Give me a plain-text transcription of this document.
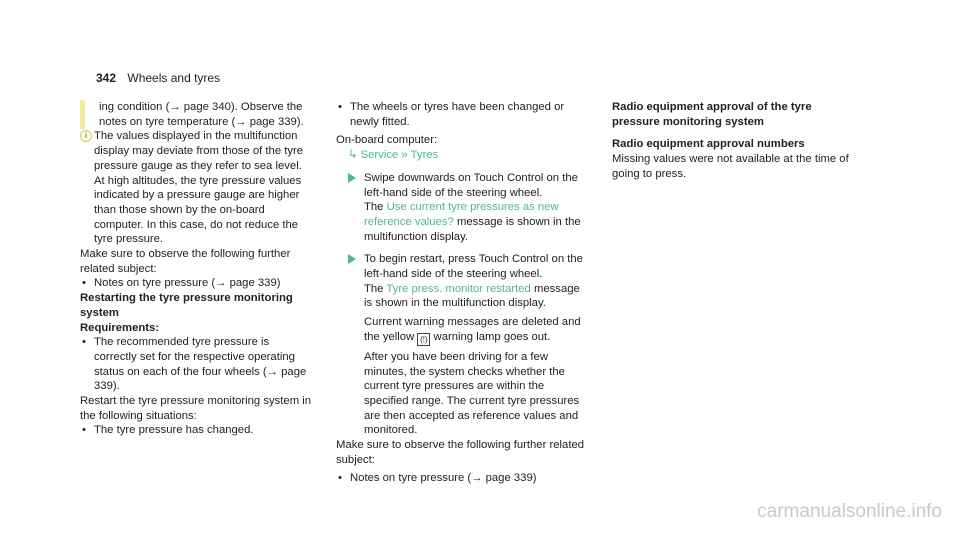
342 Wheels and tyres

ing condition (→ page 340). Observe the notes on tyre temperature (→ page 339).

i The values displayed in the multifunction display may deviate from those of the tyre pressure gauge as they refer to sea level. At high altitudes, the tyre pressure values indicated by a pressure gauge are higher than those shown by the on-board computer. In this case, do not reduce the tyre pressure.

Make sure to observe the following further related subject:

• Notes on tyre pressure (→ page 339)

Restarting the tyre pressure monitoring system

Requirements:

• The recommended tyre pressure is correctly set for the respective operating status on each of the four wheels (→ page 339).

Restart the tyre pressure monitoring system in the following situations:

• The tyre pressure has changed.

• The wheels or tyres have been changed or newly fitted.

On-board computer:

↳ Service » Tyres

Swipe downwards on Touch Control on the left-hand side of the steering wheel.

The Use current tyre pressures as new reference values? message is shown in the multifunction display.

To begin restart, press Touch Control on the left-hand side of the steering wheel.

The Tyre press. monitor restarted message is shown in the multifunction display.

Current warning messages are deleted and the yellow (!) warning lamp goes out.

After you have been driving for a few minutes, the system checks whether the current tyre pressures are within the specified range. The current tyre pressures are then accepted as reference values and monitored.

Make sure to observe the following further related subject:

• Notes on tyre pressure (→ page 339)

Radio equipment approval of the tyre pressure monitoring system

Radio equipment approval numbers

Missing values were not available at the time of going to press.

carmanualsonline.info
